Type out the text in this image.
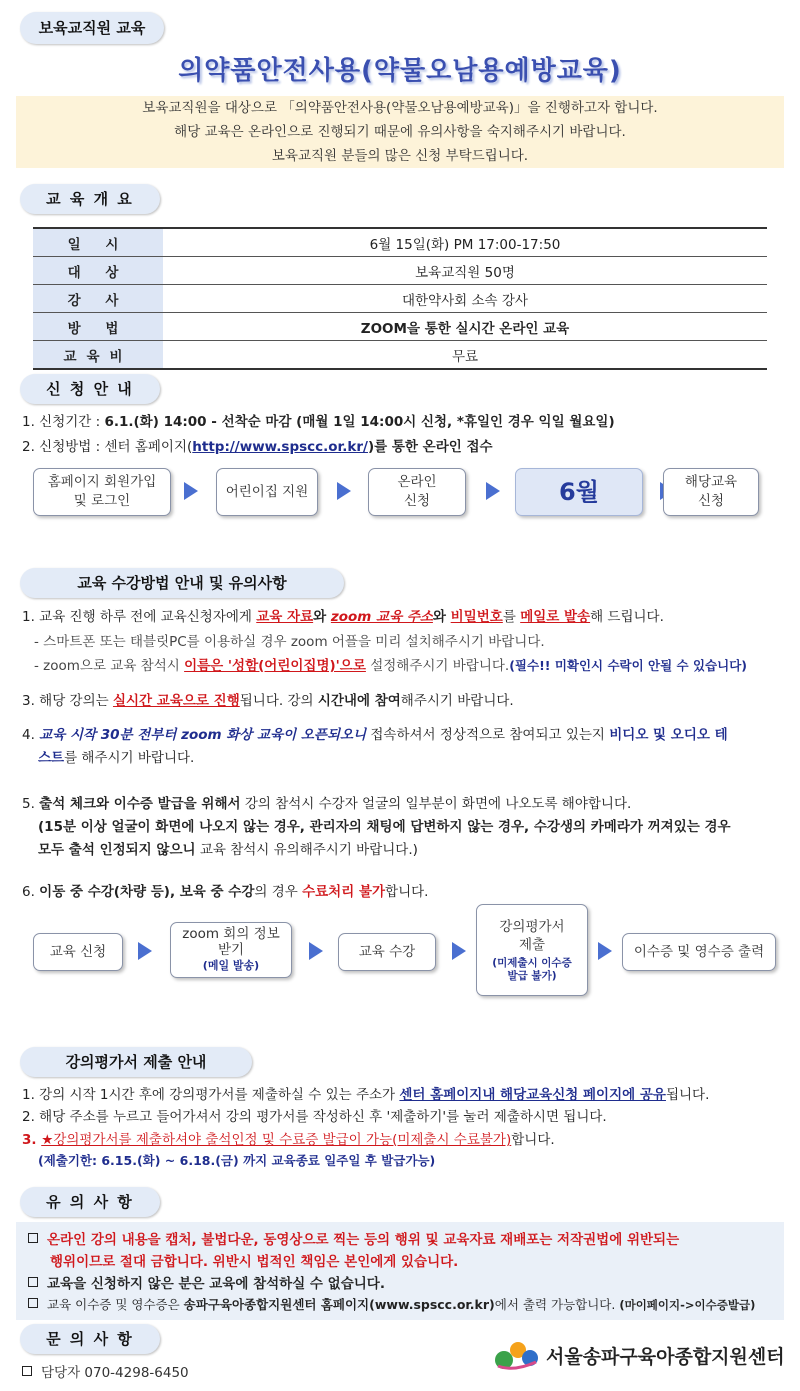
보육교직원 교육
의약품안전사용(약물오남용예방교육)
보육교직원을 대상으로 「의약품안전사용(약물오남용예방교육)」을 진행하고자 합니다.
해당 교육은 온라인으로 진행되기 때문에 유의사항을 숙지해주시기 바랍니다.
보육교직원 분들의 많은 신청 부탁드립니다.
교 육 개 요
일 시	6월 15일(화) PM 17:00-17:50
대 상	보육교직원 50명
강 사	대한약사회 소속 강사
방 법	ZOOM을 통한 실시간 온라인 교육
교육비	무료
신 청 안 내
1. 신청기간 : 6.1.(화) 14:00 - 선착순 마감 (매월 1일 14:00시 신청, *휴일인 경우 익일 월요일)
2. 신청방법 : 센터 홈페이지(http://www.spscc.or.kr/)를 통한 온라인 접수
홈페이지 회원가입
및 로그인
어린이집 지원
온라인
신청	6월	해당교육
신청
교육 수강방법 안내 및 유의사항
1. 교육 진행 하루 전에 교육신청자에게 교육 자료와 zoom 교육 주소와 비밀번호를 메일로 발송해 드립니다.
- 스마트폰 또는 태블릿PC를 이용하실 경우 zoom 어플을 미리 설치해주시기 바랍니다.
- zoom으로 교육 참석시 이름은 '성함(어린이집명)'으로 설정해주시기 바랍니다.(필수!! 미확인시 수락이 안될 수 있습니다)
3. 해당 강의는 실시간 교육으로 진행됩니다. 강의 시간내에 참여해주시기 바랍니다.
4. 교육 시작 30분 전부터 zoom 화상 교육이 오픈되오니 접속하셔서 정상적으로 참여되고 있는지 비디오 및 오디오 테
스트를 해주시기 바랍니다.
5. 출석 체크와 이수증 발급을 위해서 강의 참석시 수강자 얼굴의 일부분이 화면에 나오도록 해야합니다.
(15분 이상 얼굴이 화면에 나오지 않는 경우, 관리자의 채팅에 답변하지 않는 경우, 수강생의 카메라가 꺼져있는 경우
모두 출석 인정되지 않으니 교육 참석시 유의해주시기 바랍니다.)
6. 이동 중 수강(차량 등), 보육 중 수강의 경우 수료처리 불가합니다.
교육 신청
zoom 회의 정보
받기
(메일 발송)
교육 수강
강의평가서
제출
(미제출시 이수증 발급 불가)
이수증 및 영수증 출력
강의평가서 제출 안내
1. 강의 시작 1시간 후에 강의평가서를 제출하실 수 있는 주소가 센터 홈페이지내 해당교육신청 페이지에 공유됩니다.
2. 해당 주소를 누르고 들어가셔서 강의 평가서를 작성하신 후 '제출하기'를 눌러 제출하시면 됩니다.
3. ★강의평가서를 제출하셔야 출석인정 및 수료증 발급이 가능(미제출시 수료불가)합니다.
(제출기한: 6.15.(화) ~ 6.18.(금) 까지 교육종료 일주일 후 발급가능)
유 의 사 항
온라인 강의 내용을 캡처, 불법다운, 동영상으로 찍는 등의 행위 및 교육자료 재배포는 저작권법에 위반되는
행위이므로 절대 금합니다. 위반시 법적인 책임은 본인에게 있습니다.
교육을 신청하지 않은 분은 교육에 참석하실 수 없습니다.
교육 이수증 및 영수증은 송파구육아종합지원센터 홈페이지(www.spscc.or.kr)에서 출력 가능합니다. (마이페이지->이수증발급)
문 의 사 항
담당자 070-4298-6450
서울송파구육아종합지원센터
